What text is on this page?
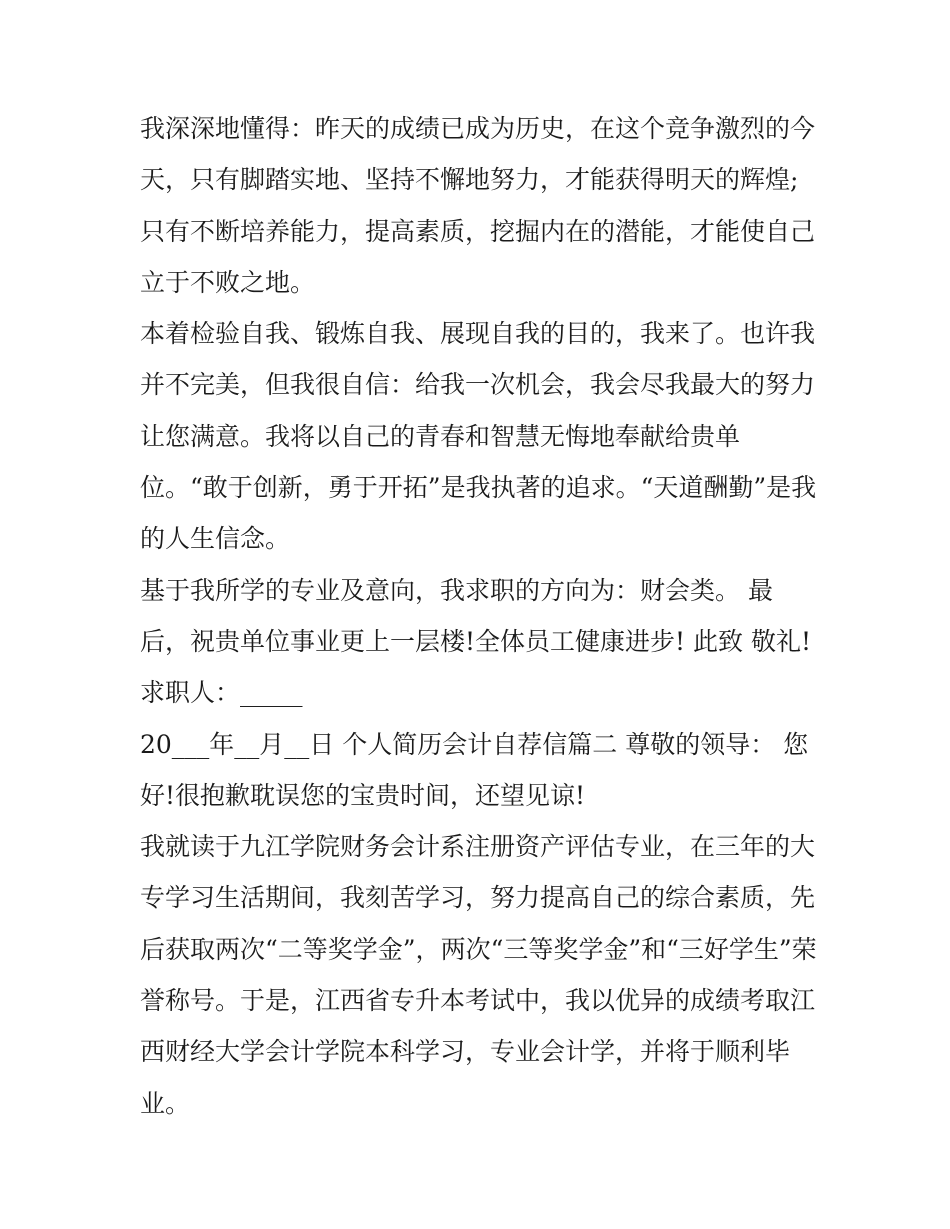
我深深地懂得：昨天的成绩已成为历史，在这个竞争激烈的今
天，只有脚踏实地、坚持不懈地努力，才能获得明天的辉煌;
只有不断培养能力，提高素质，挖掘内在的潜能，才能使自己
立于不败之地。
本着检验自我、锻炼自我、展现自我的目的，我来了。也许我
并不完美，但我很自信：给我一次机会，我会尽我最大的努力
让您满意。我将以自己的青春和智慧无悔地奉献给贵单
位。“敢于创新，勇于开拓”是我执著的追求。“天道酬勤”是我
的人生信念。
基于我所学的专业及意向，我求职的方向为：财会类。 最
后，祝贵单位事业更上一层楼!全体员工健康进步! 此致 敬礼!
求职人：_____
20___年__月__日 个人简历会计自荐信篇二 尊敬的领导： 您
好!很抱歉耽误您的宝贵时间，还望见谅!
我就读于九江学院财务会计系注册资产评估专业，在三年的大
专学习生活期间，我刻苦学习，努力提高自己的综合素质，先
后获取两次“二等奖学金”，两次“三等奖学金”和“三好学生”荣
誉称号。于是，江西省专升本考试中，我以优异的成绩考取江
西财经大学会计学院本科学习，专业会计学，并将于顺利毕
业。
